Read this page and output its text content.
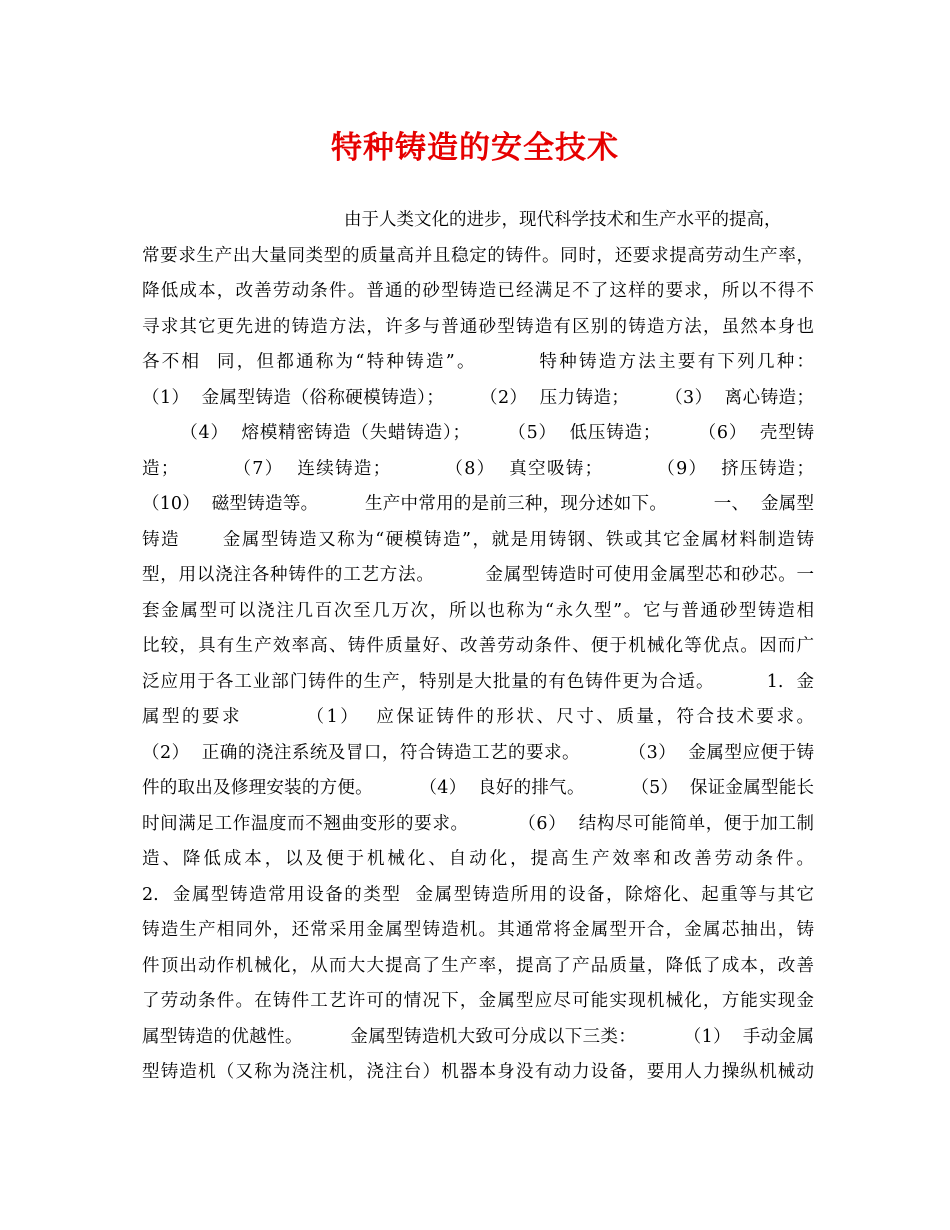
特种铸造的安全技术
由于人类文化的进步，现代科学技术和生产水平的提高，
常要求生产出大量同类型的质量高并且稳定的铸件。同时，还要求提高劳动生产率，
降低成本，改善劳动条件。普通的砂型铸造已经满足不了这样的要求，所以不得不
寻求其它更先进的铸造方法，许多与普通砂型铸造有区别的铸造方法，虽然本身也
各不相  同，但都通称为“特种铸造”。        特种铸造方法主要有下列几种：
（1）  金属型铸造（俗称硬模铸造）；      （2）  压力铸造；      （3）  离心铸造；
（4）  熔模精密铸造（失蜡铸造）；      （5）  低压铸造；      （6）  壳型铸
造；        （7）  连续铸造；        （8）  真空吸铸；        （9）  挤压铸造；
（10）  磁型铸造等。        生产中常用的是前三种，现分述如下。        一、  金属型
铸造      金属型铸造又称为“硬模铸造”，就是用铸钢、铁或其它金属材料制造铸
型，用以浇注各种铸件的工艺方法。        金属型铸造时可使用金属型芯和砂芯。一
套金属型可以浇注几百次至几万次，所以也称为“永久型”。它与普通砂型铸造相
比较，具有生产效率高、铸件质量好、改善劳动条件、便于机械化等优点。因而广
泛应用于各工业部门铸件的生产，特别是大批量的有色铸件更为合适。        1.  金
属型的要求        （1）  应保证铸件的形状、尺寸、质量，符合技术要求。
（2）  正确的浇注系统及冒口，符合铸造工艺的要求。        （3）  金属型应便于铸
件的取出及修理安装的方便。        （4）  良好的排气。        （5）  保证金属型能长
时间满足工作温度而不翘曲变形的要求。        （6）  结构尽可能简单，便于加工制
造、降低成本，以及便于机械化、自动化，提高生产效率和改善劳动条件。
2.  金属型铸造常用设备的类型  金属型铸造所用的设备，除熔化、起重等与其它
铸造生产相同外，还常采用金属型铸造机。其通常将金属型开合，金属芯抽出，铸
件顶出动作机械化，从而大大提高了生产率，提高了产品质量，降低了成本，改善
了劳动条件。在铸件工艺许可的情况下，金属型应尽可能实现机械化，方能实现金
属型铸造的优越性。        金属型铸造机大致可分成以下三类：        （1）  手动金属
型铸造机（又称为浇注机，浇注台）机器本身没有动力设备，要用人力操纵机械动
